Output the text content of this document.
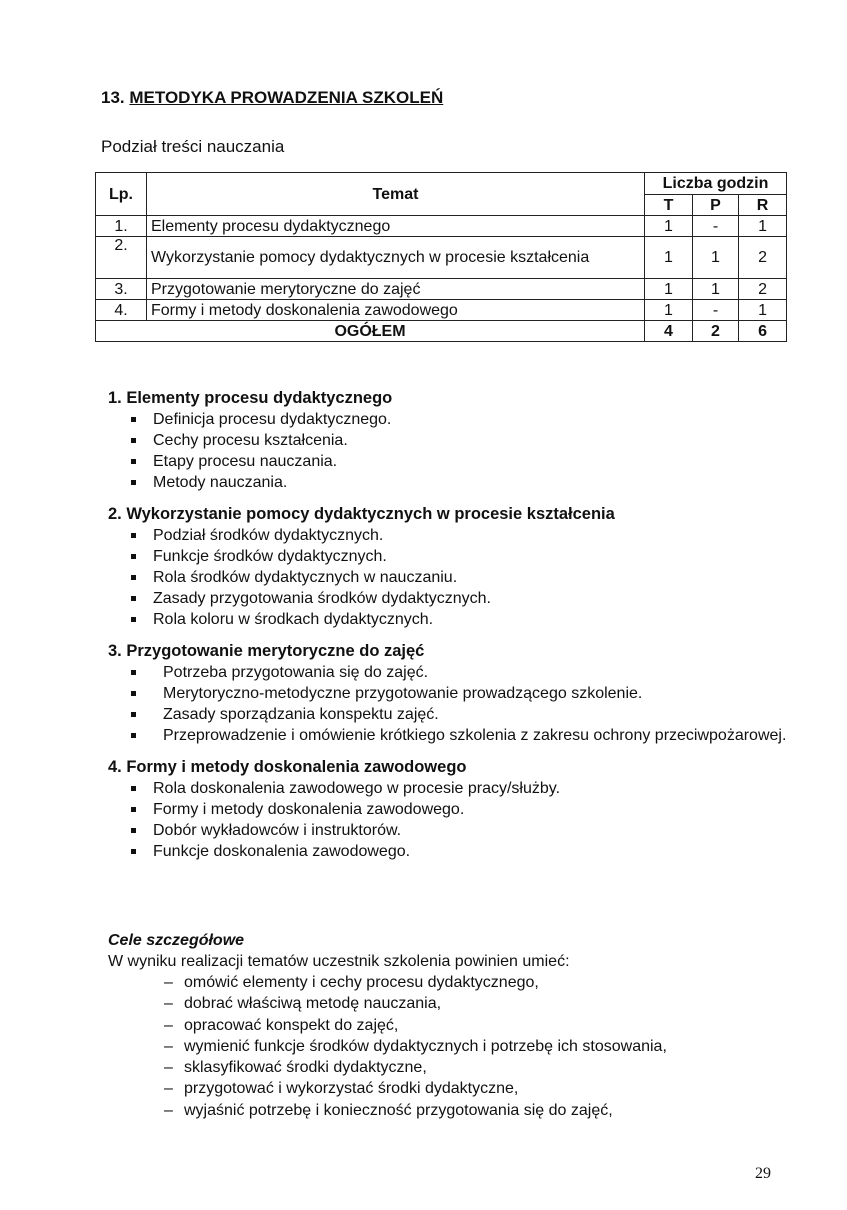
13. METODYKA PROWADZENIA SZKOLEŃ
Podział treści nauczania
Lp.	Temat	Liczba godzin		
		T	P	R
1.	Elementy procesu dydaktycznego	1	-	1
2.	Wykorzystanie pomocy dydaktycznych w procesie kształcenia	1	1	2
3.	Przygotowanie merytoryczne do zajęć	1	1	2
4.	Formy i metody doskonalenia zawodowego	1	-	1
OGÓŁEM		4	2	6
1. Elementy procesu dydaktycznego
Definicja procesu dydaktycznego.
Cechy procesu kształcenia.
Etapy procesu nauczania.
Metody nauczania.
2. Wykorzystanie pomocy dydaktycznych w procesie kształcenia
Podział środków dydaktycznych.
Funkcje środków dydaktycznych.
Rola środków dydaktycznych w nauczaniu.
Zasady przygotowania środków dydaktycznych.
Rola koloru w środkach dydaktycznych.
3. Przygotowanie merytoryczne do zajęć
Potrzeba przygotowania się do zajęć.
Merytoryczno-metodyczne przygotowanie prowadzącego szkolenie.
Zasady sporządzania konspektu zajęć.
Przeprowadzenie i omówienie krótkiego szkolenia z zakresu ochrony przeciwpożarowej.
4. Formy i metody doskonalenia zawodowego
Rola doskonalenia zawodowego w procesie pracy/służby.
Formy i metody doskonalenia zawodowego.
Dobór wykładowców i instruktorów.
Funkcje doskonalenia zawodowego.
Cele szczegółowe

W wyniku realizacji tematów uczestnik szkolenia powinien umieć:

– omówić elementy i cechy procesu dydaktycznego,
– dobrać właściwą metodę nauczania,
– opracować konspekt do zajęć,
– wymienić funkcje środków dydaktycznych i potrzebę ich stosowania,
– sklasyfikować środki dydaktyczne,
– przygotować i wykorzystać środki dydaktyczne,
– wyjaśnić potrzebę i konieczność przygotowania się do zajęć,
29
